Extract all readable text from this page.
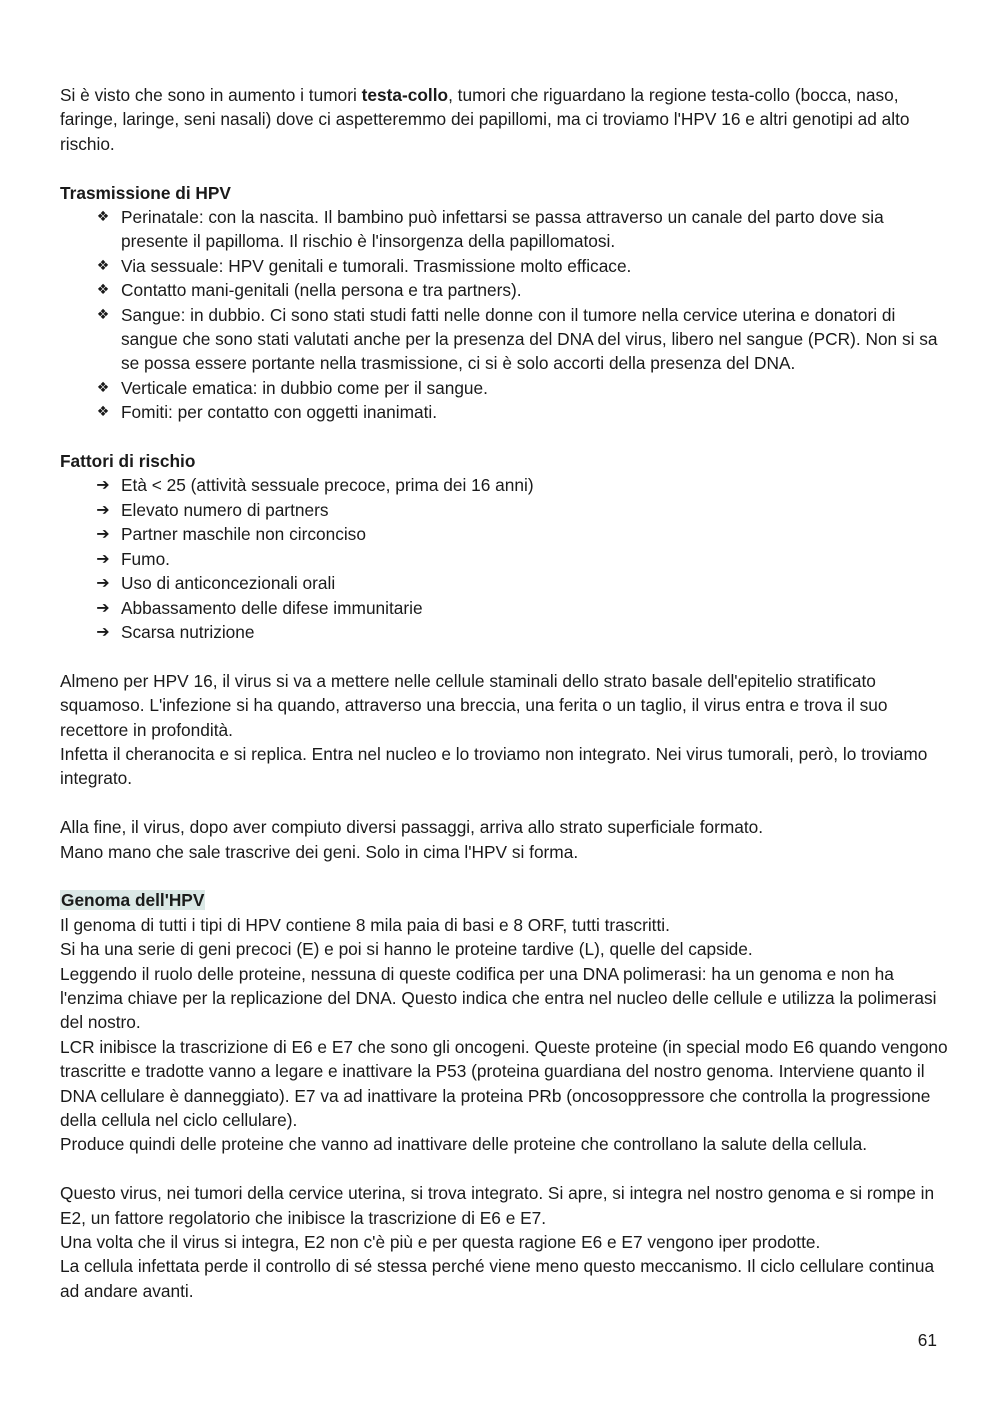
Si è visto che sono in aumento i tumori testa-collo, tumori che riguardano la regione testa-collo (bocca, naso, faringe, laringe, seni nasali) dove ci aspetteremmo dei papillomi, ma ci troviamo l'HPV 16 e altri genotipi ad alto rischio.

Trasmissione di HPV

❖ Perinatale: con la nascita. Il bambino può infettarsi se passa attraverso un canale del parto dove sia presente il papilloma. Il rischio è l'insorgenza della papillomatosi.
❖ Via sessuale: HPV genitali e tumorali. Trasmissione molto efficace.
❖ Contatto mani-genitali (nella persona e tra partners).
❖ Sangue: in dubbio. Ci sono stati studi fatti nelle donne con il tumore nella cervice uterina e donatori di sangue che sono stati valutati anche per la presenza del DNA del virus, libero nel sangue (PCR). Non si sa se possa essere portante nella trasmissione, ci si è solo accorti della presenza del DNA.
❖ Verticale ematica: in dubbio come per il sangue.
❖ Fomiti: per contatto con oggetti inanimati.

Fattori di rischio

➔ Età < 25 (attività sessuale precoce, prima dei 16 anni)
➔ Elevato numero di partners
➔ Partner maschile non circonciso
➔ Fumo.
➔ Uso di anticoncezionali orali
➔ Abbassamento delle difese immunitarie
➔ Scarsa nutrizione

Almeno per HPV 16, il virus si va a mettere nelle cellule staminali dello strato basale dell'epitelio stratificato squamoso. L'infezione si ha quando, attraverso una breccia, una ferita o un taglio, il virus entra e trova il suo recettore in profondità.

Infetta il cheranocita e si replica. Entra nel nucleo e lo troviamo non integrato. Nei virus tumorali, però, lo troviamo integrato.

Alla fine, il virus, dopo aver compiuto diversi passaggi, arriva allo strato superficiale formato.

Mano mano che sale trascrive dei geni. Solo in cima l'HPV si forma.

Genoma dell'HPV

Il genoma di tutti i tipi di HPV contiene 8 mila paia di basi e 8 ORF, tutti trascritti.

Si ha una serie di geni precoci (E) e poi si hanno le proteine tardive (L), quelle del capside.

Leggendo il ruolo delle proteine, nessuna di queste codifica per una DNA polimerasi: ha un genoma e non ha l'enzima chiave per la replicazione del DNA. Questo indica che entra nel nucleo delle cellule e utilizza la polimerasi del nostro.

LCR inibisce la trascrizione di E6 e E7 che sono gli oncogeni. Queste proteine (in special modo E6 quando vengono trascritte e tradotte vanno a legare e inattivare la P53 (proteina guardiana del nostro genoma. Interviene quanto il DNA cellulare è danneggiato). E7 va ad inattivare la proteina PRb (oncosoppressore che controlla la progressione della cellula nel ciclo cellulare).

Produce quindi delle proteine che vanno ad inattivare delle proteine che controllano la salute della cellula.

Questo virus, nei tumori della cervice uterina, si trova integrato. Si apre, si integra nel nostro genoma e si rompe in E2, un fattore regolatorio che inibisce la trascrizione di E6 e E7.

Una volta che il virus si integra, E2 non c'è più e per questa ragione E6 e E7 vengono iper prodotte.

La cellula infettata perde il controllo di sé stessa perché viene meno questo meccanismo. Il ciclo cellulare continua ad andare avanti.

61
